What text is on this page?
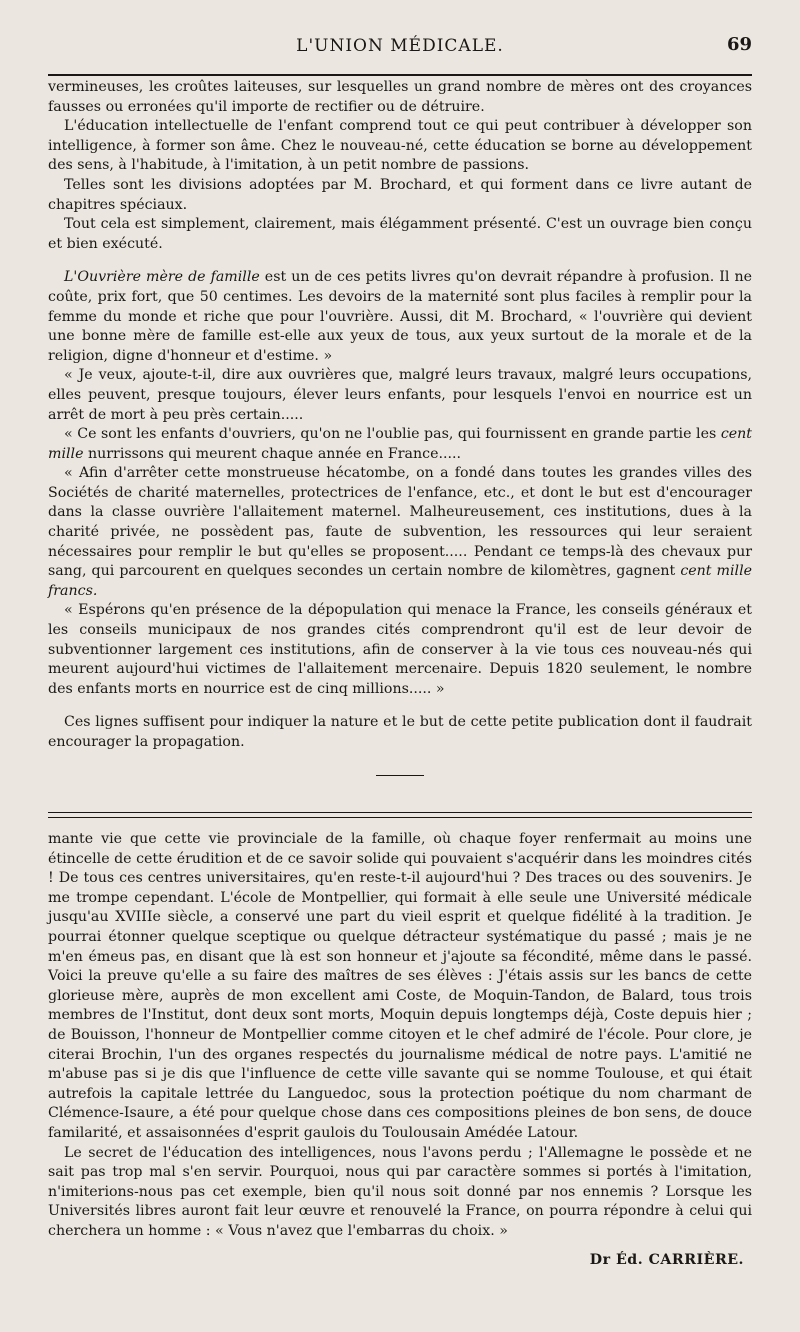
L'UNION MÉDICALE.	69

vermineuses, les croûtes laiteuses, sur lesquelles un grand nombre de mères ont des croyances fausses ou erronées qu'il importe de rectifier ou de détruire.

L'éducation intellectuelle de l'enfant comprend tout ce qui peut contribuer à développer son intelligence, à former son âme. Chez le nouveau-né, cette éducation se borne au développement des sens, à l'habitude, à l'imitation, à un petit nombre de passions.

Telles sont les divisions adoptées par M. Brochard, et qui forment dans ce livre autant de chapitres spéciaux.

Tout cela est simplement, clairement, mais élégamment présenté. C'est un ouvrage bien conçu et bien exécuté.

L'Ouvrière mère de famille est un de ces petits livres qu'on devrait répandre à profusion. Il ne coûte, prix fort, que 50 centimes. Les devoirs de la maternité sont plus faciles à remplir pour la femme du monde et riche que pour l'ouvrière. Aussi, dit M. Brochard, « l'ouvrière qui devient une bonne mère de famille est-elle aux yeux de tous, aux yeux surtout de la morale et de la religion, digne d'honneur et d'estime. »

« Je veux, ajoute-t-il, dire aux ouvrières que, malgré leurs travaux, malgré leurs occupations, elles peuvent, presque toujours, élever leurs enfants, pour lesquels l'envoi en nourrice est un arrêt de mort à peu près certain.....

« Ce sont les enfants d'ouvriers, qu'on ne l'oublie pas, qui fournissent en grande partie les cent mille nurrissons qui meurent chaque année en France.....

« Afin d'arrêter cette monstrueuse hécatombe, on a fondé dans toutes les grandes villes des Sociétés de charité maternelles, protectrices de l'enfance, etc., et dont le but est d'encourager dans la classe ouvrière l'allaitement maternel. Malheureusement, ces institutions, dues à la charité privée, ne possèdent pas, faute de subvention, les ressources qui leur seraient nécessaires pour remplir le but qu'elles se proposent..... Pendant ce temps-là des chevaux pur sang, qui parcourent en quelques secondes un certain nombre de kilomètres, gagnent cent mille francs.

« Espérons qu'en présence de la dépopulation qui menace la France, les conseils généraux et les conseils municipaux de nos grandes cités comprendront qu'il est de leur devoir de subventionner largement ces institutions, afin de conserver à la vie tous ces nouveau-nés qui meurent aujourd'hui victimes de l'allaitement mercenaire. Depuis 1820 seulement, le nombre des enfants morts en nourrice est de cinq millions..... »

Ces lignes suffisent pour indiquer la nature et le but de cette petite publication dont il faudrait encourager la propagation.

mante vie que cette vie provinciale de la famille, où chaque foyer renfermait au moins une étincelle de cette érudition et de ce savoir solide qui pouvaient s'acquérir dans les moindres cités ! De tous ces centres universitaires, qu'en reste-t-il aujourd'hui ? Des traces ou des souvenirs. Je me trompe cependant. L'école de Montpellier, qui formait à elle seule une Université médicale jusqu'au XVIIIe siècle, a conservé une part du vieil esprit et quelque fidélité à la tradition. Je pourrai étonner quelque sceptique ou quelque détracteur systématique du passé ; mais je ne m'en émeus pas, en disant que là est son honneur et j'ajoute sa fécondité, même dans le passé. Voici la preuve qu'elle a su faire des maîtres de ses élèves : J'étais assis sur les bancs de cette glorieuse mère, auprès de mon excellent ami Coste, de Moquin-Tandon, de Balard, tous trois membres de l'Institut, dont deux sont morts, Moquin depuis longtemps déjà, Coste depuis hier ; de Bouisson, l'honneur de Montpellier comme citoyen et le chef admiré de l'école. Pour clore, je citerai Brochin, l'un des organes respectés du journalisme médical de notre pays. L'amitié ne m'abuse pas si je dis que l'influence de cette ville savante qui se nomme Toulouse, et qui était autrefois la capitale lettrée du Languedoc, sous la protection poétique du nom charmant de Clémence-Isaure, a été pour quelque chose dans ces compositions pleines de bon sens, de douce familarité, et assaisonnées d'esprit gaulois du Toulousain Amédée Latour.

Le secret de l'éducation des intelligences, nous l'avons perdu ; l'Allemagne le possède et ne sait pas trop mal s'en servir. Pourquoi, nous qui par caractère sommes si portés à l'imitation, n'imiterions-nous pas cet exemple, bien qu'il nous soit donné par nos ennemis ? Lorsque les Universités libres auront fait leur œuvre et renouvelé la France, on pourra répondre à celui qui cherchera un homme : « Vous n'avez que l'embarras du choix. »

Dr Éd. CARRIÈRE.
